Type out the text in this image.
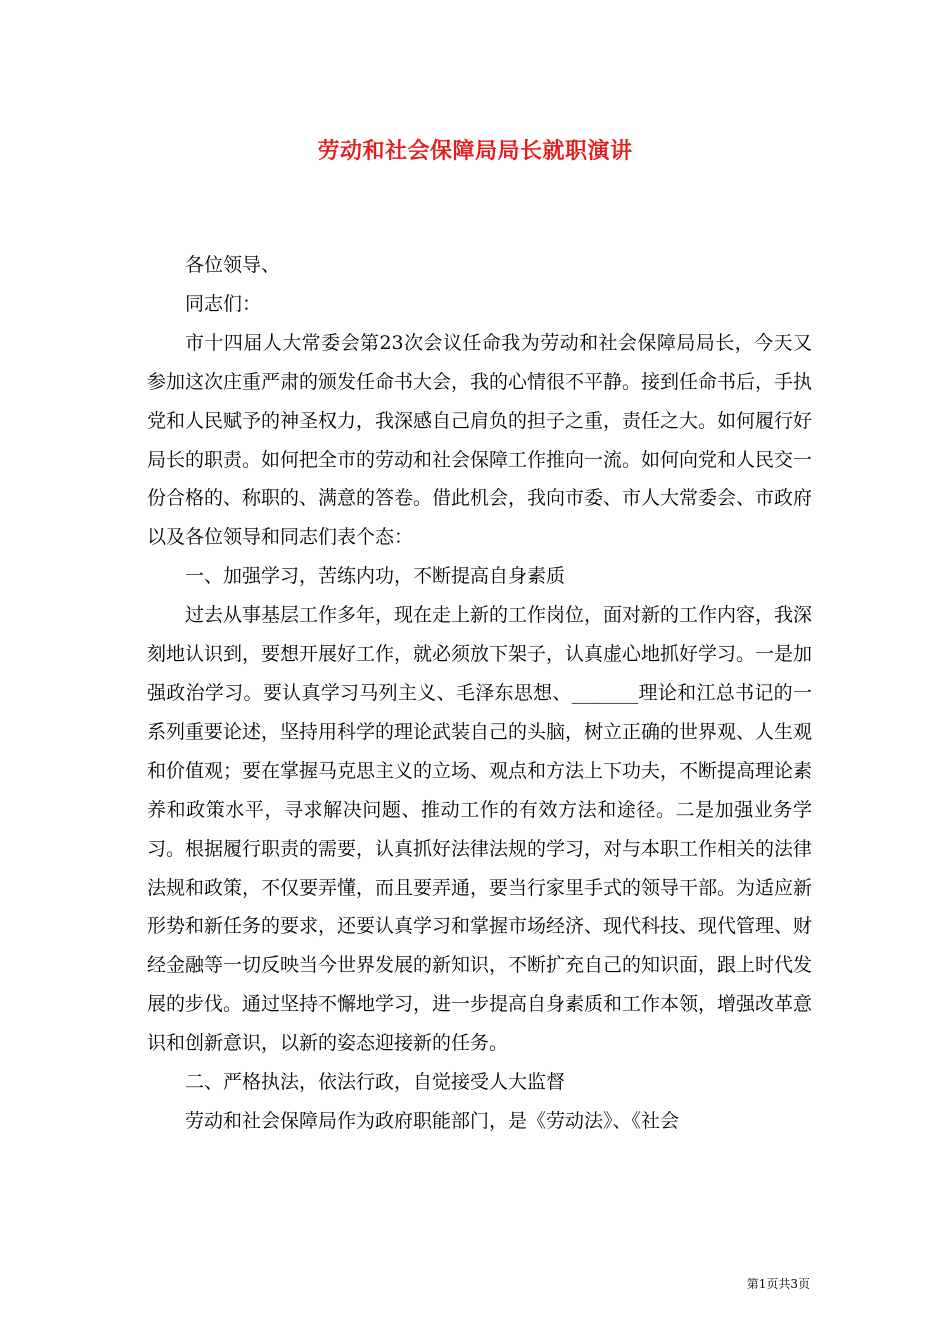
劳动和社会保障局局长就职演讲

各位领导、

同志们：

市十四届人大常委会第23次会议任命我为劳动和社会保障局局长，今天又参加这次庄重严肃的颁发任命书大会，我的心情很不平静。接到任命书后，手执党和人民赋予的神圣权力，我深感自己肩负的担子之重，责任之大。如何履行好局长的职责。如何把全市的劳动和社会保障工作推向一流。如何向党和人民交一份合格的、称职的、满意的答卷。借此机会，我向市委、市人大常委会、市政府以及各位领导和同志们表个态：

一、加强学习，苦练内功，不断提高自身素质

过去从事基层工作多年，现在走上新的工作岗位，面对新的工作内容，我深刻地认识到，要想开展好工作，就必须放下架子，认真虚心地抓好学习。一是加强政治学习。要认真学习马列主义、毛泽东思想、_______理论和江总书记的一系列重要论述，坚持用科学的理论武装自己的头脑，树立正确的世界观、人生观和价值观；要在掌握马克思主义的立场、观点和方法上下功夫，不断提高理论素养和政策水平，寻求解决问题、推动工作的有效方法和途径。二是加强业务学习。根据履行职责的需要，认真抓好法律法规的学习，对与本职工作相关的法律法规和政策，不仅要弄懂，而且要弄通，要当行家里手式的领导干部。为适应新形势和新任务的要求，还要认真学习和掌握市场经济、现代科技、现代管理、财经金融等一切反映当今世界发展的新知识，不断扩充自己的知识面，跟上时代发展的步伐。通过坚持不懈地学习，进一步提高自身素质和工作本领，增强改革意识和创新意识，以新的姿态迎接新的任务。

二、严格执法，依法行政，自觉接受人大监督

劳动和社会保障局作为政府职能部门，是《劳动法》、《社会

第1页共3页
